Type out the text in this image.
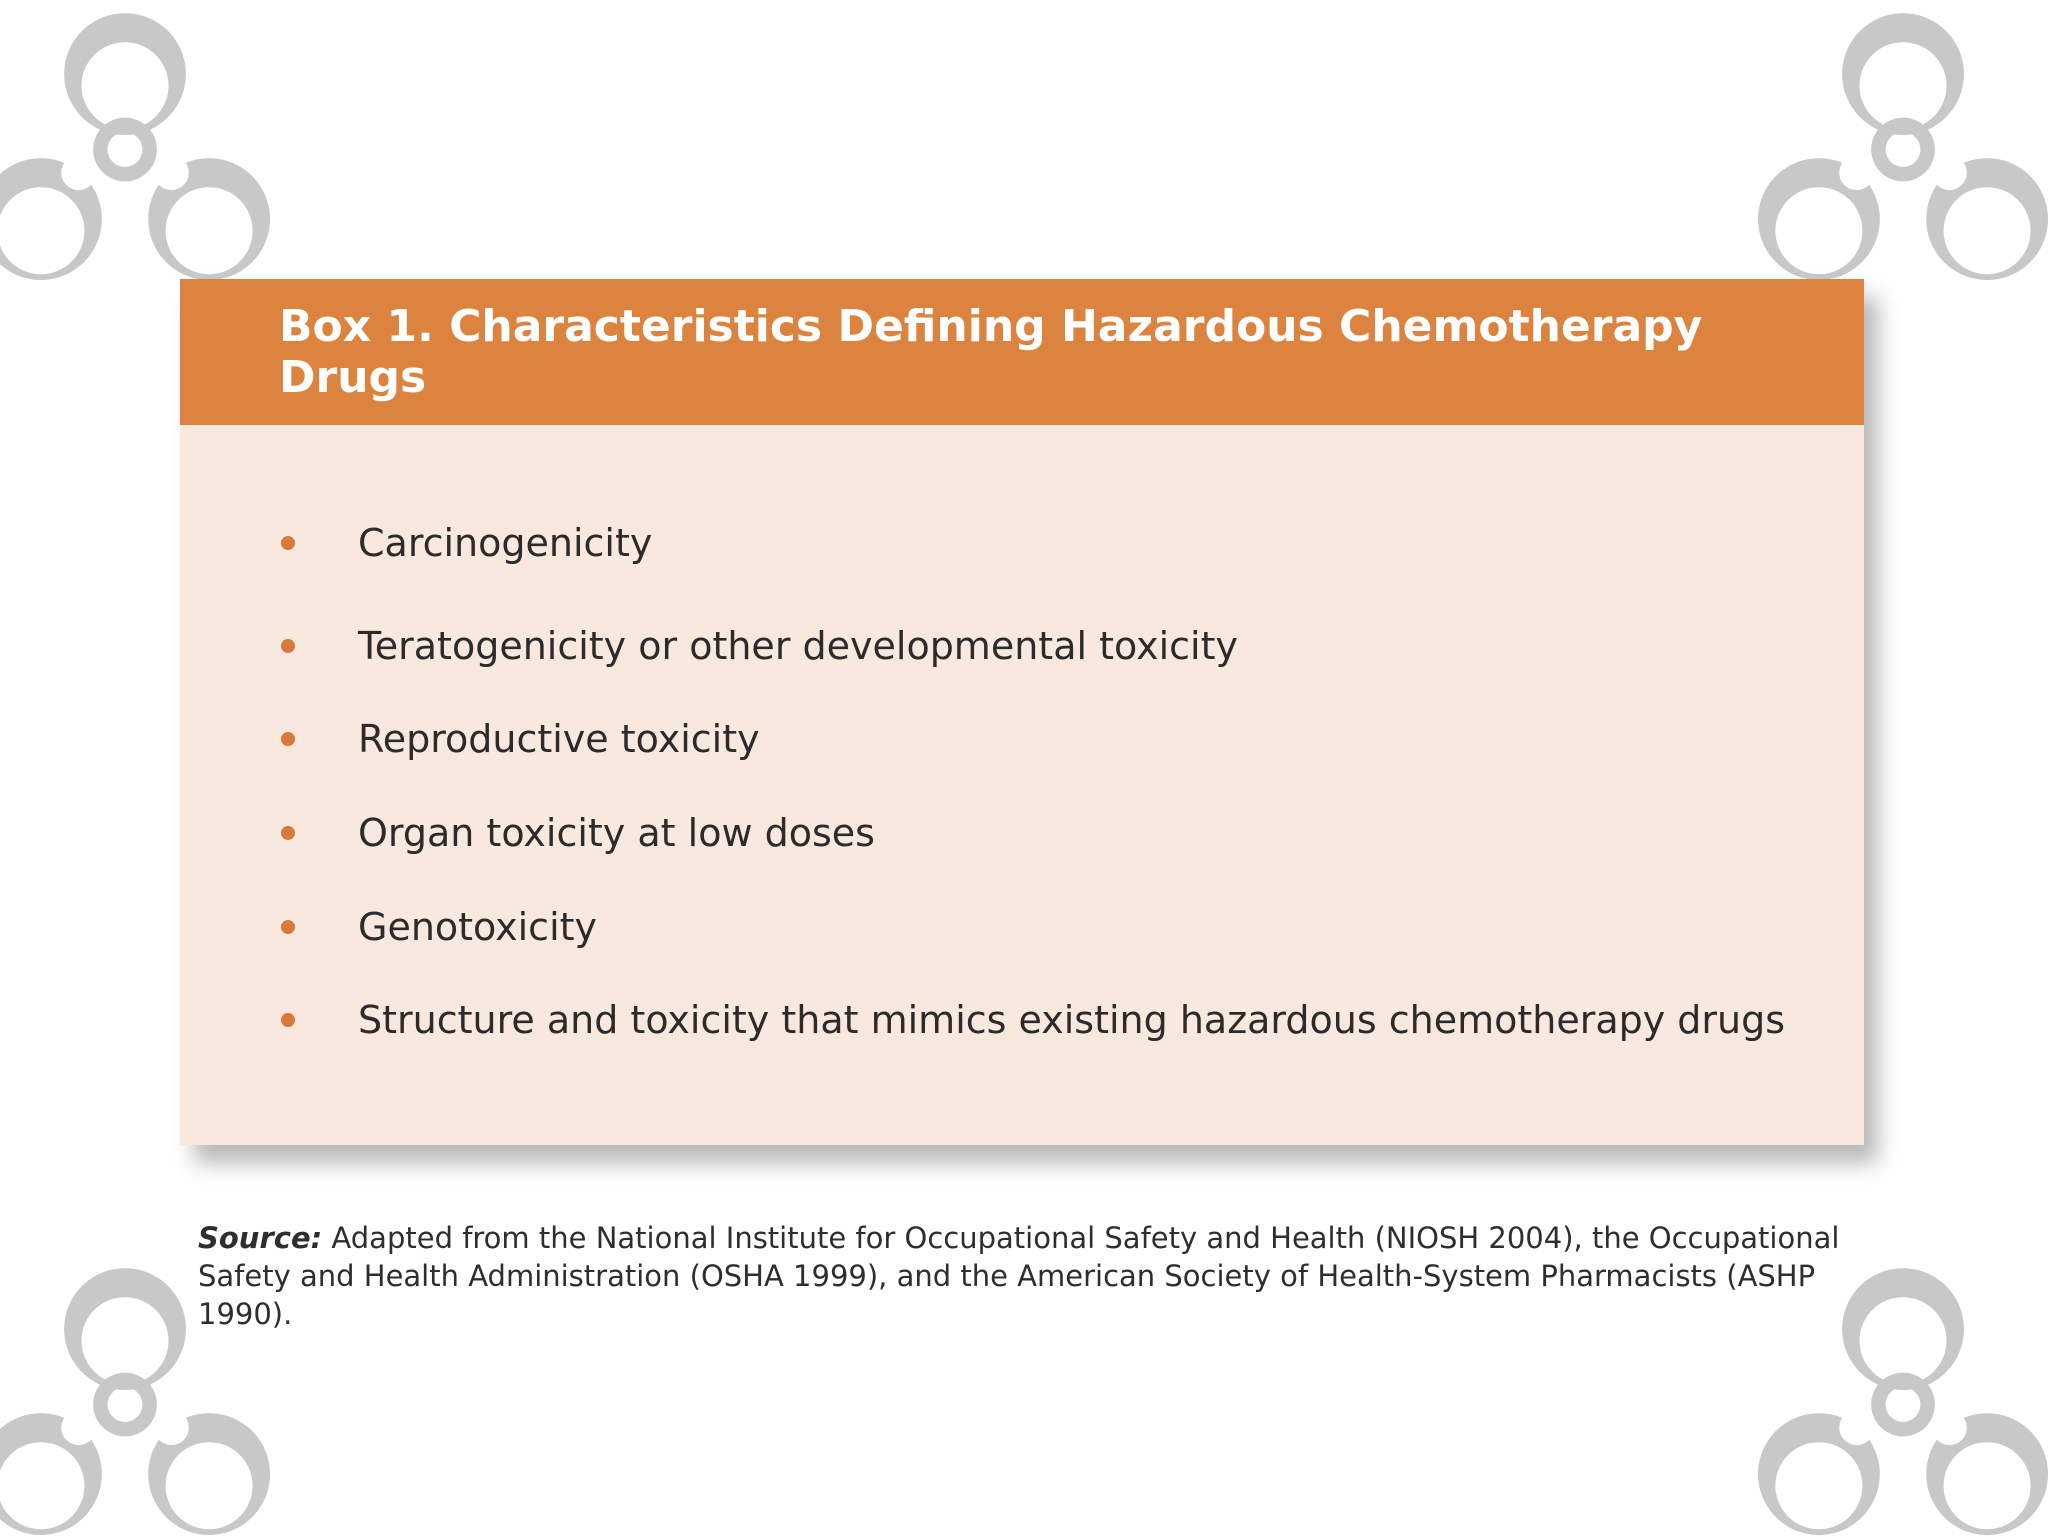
Box 1. Characteristics Defining Hazardous Chemotherapy Drugs
Carcinogenicity
Teratogenicity or other developmental toxicity
Reproductive toxicity
Organ toxicity at low doses
Genotoxicity
Structure and toxicity that mimics existing hazardous chemotherapy drugs

Source: Adapted from the National Institute for Occupational Safety and Health (NIOSH 2004), the Occupational Safety and Health Administration (OSHA 1999), and the American Society of Health-System Pharmacists (ASHP 1990).
